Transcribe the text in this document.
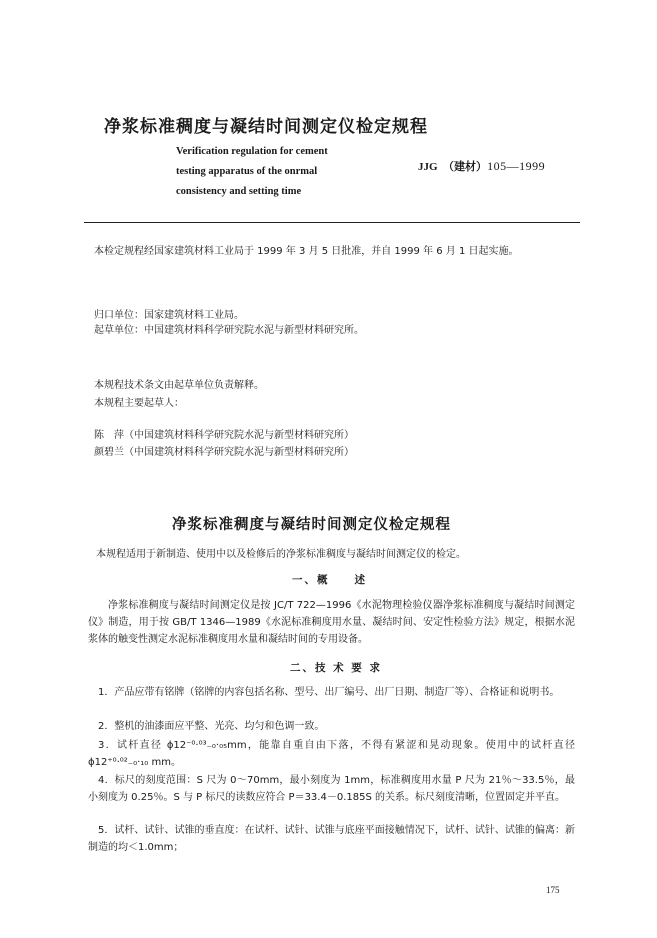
净浆标准稠度与凝结时间测定仪检定规程
Verification regulation for cement
testing apparatus of the onrmal
consistency and setting time
JJG　（建材）105—1999
本检定规程经国家建筑材料工业局于 1999 年 3 月 5 日批准，并自 1999 年 6 月 1 日起实施。
归口单位：国家建筑材料工业局。
起草单位：中国建筑材料科学研究院水泥与新型材料研究所。
本规程技术条文由起草单位负责解释。
本规程主要起草人：
陈　萍（中国建筑材料科学研究院水泥与新型材料研究所）
颜碧兰（中国建筑材料科学研究院水泥与新型材料研究所）
净浆标准稠度与凝结时间测定仪检定规程
本规程适用于新制造、使用中以及检修后的净浆标准稠度与凝结时间测定仪的检定。
一、概　　述
净浆标准稠度与凝结时间测定仪是按 JC/T 722—1996《水泥物理检验仪器净浆标准稠度与凝结时间测定仪》制造，用于按 GB/T 1346—1989《水泥标准稠度用水量、凝结时间、安定性检验方法》规定，根据水泥浆体的触变性测定水泥标准稠度用水量和凝结时间的专用设备。
二、技 术 要 求
1．产品应带有铭牌（铭牌的内容包括名称、型号、出厂编号、出厂日期、制造厂等）、合格证和说明书。
2．整机的油漆面应平整、光亮、均匀和色调一致。
3．试杆直径 ϕ12⁻⁰·⁰³₋₀·₀₅mm，能靠自重自由下落，不得有紧涩和晃动现象。使用中的试杆直径 ϕ12⁺⁰·⁰²₋₀·₁₀ mm。
4．标尺的刻度范围：S 尺为 0～70mm，最小刻度为 1mm，标准稠度用水量 P 尺为 21％～33.5％，最小刻度为 0.25％。S 与 P 标尺的读数应符合 P＝33.4－0.185S 的关系。标尺刻度清晰，位置固定并平直。
5．试杆、试针、试锥的垂直度：在试杆、试针、试锥与底座平面接触情况下，试杆、试针、试锥的偏离：新制造的均＜1.0mm；
175
